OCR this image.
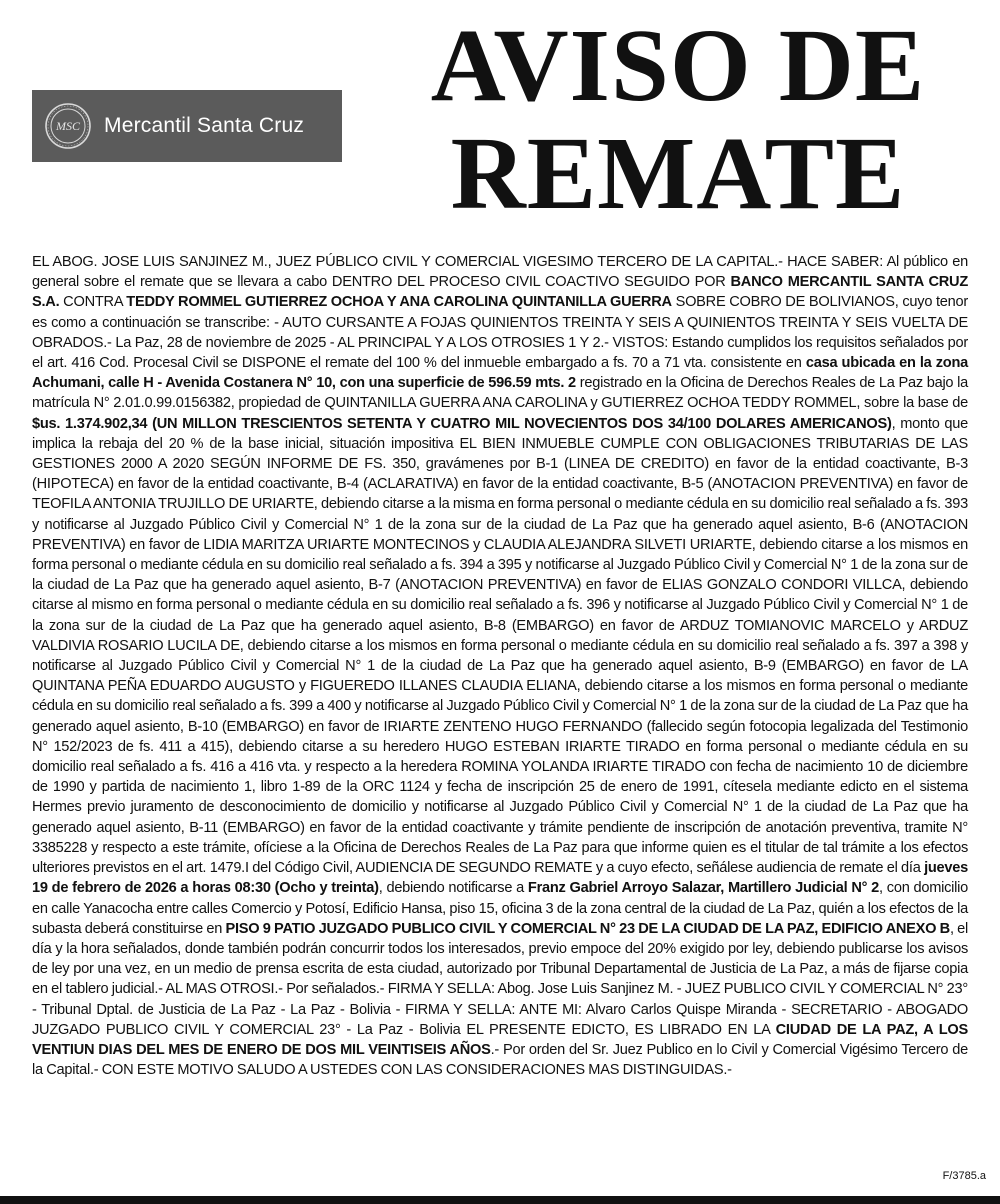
MSC Mercantil Santa Cruz
AVISO DE
REMATE
EL ABOG. JOSE LUIS SANJINEZ M., JUEZ PÚBLICO CIVIL Y COMERCIAL VIGESIMO TERCERO DE LA CAPITAL.- HACE SABER: Al público en general sobre el remate que se llevara a cabo DENTRO DEL PROCESO CIVIL COACTIVO SEGUIDO POR BANCO MERCANTIL SANTA CRUZ S.A. CONTRA TEDDY ROMMEL GUTIERREZ OCHOA Y ANA CAROLINA QUINTANILLA GUERRA SOBRE COBRO DE BOLIVIANOS, cuyo tenor es como a continuación se transcribe: - AUTO CURSANTE A FOJAS QUINIENTOS TREINTA Y SEIS A QUINIENTOS TREINTA Y SEIS VUELTA DE OBRADOS.- La Paz, 28 de noviembre de 2025 - AL PRINCIPAL Y A LOS OTROSIES 1 Y 2.- VISTOS: Estando cumplidos los requisitos señalados por el art. 416 Cod. Procesal Civil se DISPONE el remate del 100 % del inmueble embargado a fs. 70 a 71 vta. consistente en casa ubicada en la zona Achumani, calle H - Avenida Costanera N° 10, con una superficie de 596.59 mts. 2 registrado en la Oficina de Derechos Reales de La Paz bajo la matrícula N° 2.01.0.99.0156382, propiedad de QUINTANILLA GUERRA ANA CAROLINA y GUTIERREZ OCHOA TEDDY ROMMEL, sobre la base de $us. 1.374.902,34 (UN MILLON TRESCIENTOS SETENTA Y CUATRO MIL NOVECIENTOS DOS 34/100 DOLARES AMERICANOS), monto que implica la rebaja del 20 % de la base inicial, situación impositiva EL BIEN INMUEBLE CUMPLE CON OBLIGACIONES TRIBUTARIAS DE LAS GESTIONES 2000 A 2020 SEGÚN INFORME DE FS. 350, gravámenes por B-1 (LINEA DE CREDITO) en favor de la entidad coactivante, B-3 (HIPOTECA) en favor de la entidad coactivante, B-4 (ACLARATIVA) en favor de la entidad coactivante, B-5 (ANOTACION PREVENTIVA) en favor de TEOFILA ANTONIA TRUJILLO DE URIARTE, debiendo citarse a la misma en forma personal o mediante cédula en su domicilio real señalado a fs. 393 y notificarse al Juzgado Público Civil y Comercial N° 1 de la zona sur de la ciudad de La Paz que ha generado aquel asiento, B-6 (ANOTACION PREVENTIVA) en favor de LIDIA MARITZA URIARTE MONTECINOS y CLAUDIA ALEJANDRA SILVETI URIARTE, debiendo citarse a los mismos en forma personal o mediante cédula en su domicilio real señalado a fs. 394 a 395 y notificarse al Juzgado Público Civil y Comercial N° 1 de la zona sur de la ciudad de La Paz que ha generado aquel asiento, B-7 (ANOTACION PREVENTIVA) en favor de ELIAS GONZALO CONDORI VILLCA, debiendo citarse al mismo en forma personal o mediante cédula en su domicilio real señalado a fs. 396 y notificarse al Juzgado Público Civil y Comercial N° 1 de la zona sur de la ciudad de La Paz que ha generado aquel asiento, B-8 (EMBARGO) en favor de ARDUZ TOMIANOVIC MARCELO y ARDUZ VALDIVIA ROSARIO LUCILA DE, debiendo citarse a los mismos en forma personal o mediante cédula en su domicilio real señalado a fs. 397 a 398 y notificarse al Juzgado Público Civil y Comercial N° 1 de la ciudad de La Paz que ha generado aquel asiento, B-9 (EMBARGO) en favor de LA QUINTANA PEÑA EDUARDO AUGUSTO y FIGUEREDO ILLANES CLAUDIA ELIANA, debiendo citarse a los mismos en forma personal o mediante cédula en su domicilio real señalado a fs. 399 a 400 y notificarse al Juzgado Público Civil y Comercial N° 1 de la zona sur de la ciudad de La Paz que ha generado aquel asiento, B-10 (EMBARGO) en favor de IRIARTE ZENTENO HUGO FERNANDO (fallecido según fotocopia legalizada del Testimonio N° 152/2023 de fs. 411 a 415), debiendo citarse a su heredero HUGO ESTEBAN IRIARTE TIRADO en forma personal o mediante cédula en su domicilio real señalado a fs. 416 a 416 vta. y respecto a la heredera ROMINA YOLANDA IRIARTE TIRADO con fecha de nacimiento 10 de diciembre de 1990 y partida de nacimiento 1, libro 1-89 de la ORC 1124 y fecha de inscripción 25 de enero de 1991, cítesela mediante edicto en el sistema Hermes previo juramento de desconocimiento de domicilio y notificarse al Juzgado Público Civil y Comercial N° 1 de la ciudad de La Paz que ha generado aquel asiento, B-11 (EMBARGO) en favor de la entidad coactivante y trámite pendiente de inscripción de anotación preventiva, tramite N° 3385228 y respecto a este trámite, ofíciese a la Oficina de Derechos Reales de La Paz para que informe quien es el titular de tal trámite a los efectos ulteriores previstos en el art. 1479.I del Código Civil, AUDIENCIA DE SEGUNDO REMATE y a cuyo efecto, señálese audiencia de remate el día jueves 19 de febrero de 2026 a horas 08:30 (Ocho y treinta), debiendo notificarse a Franz Gabriel Arroyo Salazar, Martillero Judicial N° 2, con domicilio en calle Yanacocha entre calles Comercio y Potosí, Edificio Hansa, piso 15, oficina 3 de la zona central de la ciudad de La Paz, quién a los efectos de la subasta deberá constituirse en PISO 9 PATIO JUZGADO PUBLICO CIVIL Y COMERCIAL N° 23 DE LA CIUDAD DE LA PAZ, EDIFICIO ANEXO B, el día y la hora señalados, donde también podrán concurrir todos los interesados, previo empoce del 20% exigido por ley, debiendo publicarse los avisos de ley por una vez, en un medio de prensa escrita de esta ciudad, autorizado por Tribunal Departamental de Justicia de La Paz, a más de fijarse copia en el tablero judicial.- AL MAS OTROSI.- Por señalados.- FIRMA Y SELLA: Abog. Jose Luis Sanjinez M. - JUEZ PUBLICO CIVIL Y COMERCIAL N° 23° - Tribunal Dptal. de Justicia de La Paz - La Paz - Bolivia - FIRMA Y SELLA: ANTE MI: Alvaro Carlos Quispe Miranda - SECRETARIO - ABOGADO JUZGADO PUBLICO CIVIL Y COMERCIAL 23° - La Paz - Bolivia EL PRESENTE EDICTO, ES LIBRADO EN LA CIUDAD DE LA PAZ, A LOS VENTIUN DIAS DEL MES DE ENERO DE DOS MIL VEINTISEIS AÑOS.- Por orden del Sr. Juez Publico en lo Civil y Comercial Vigésimo Tercero de la Capital.- CON ESTE MOTIVO SALUDO A USTEDES CON LAS CONSIDERACIONES MAS DISTINGUIDAS.-
F/3785.a
